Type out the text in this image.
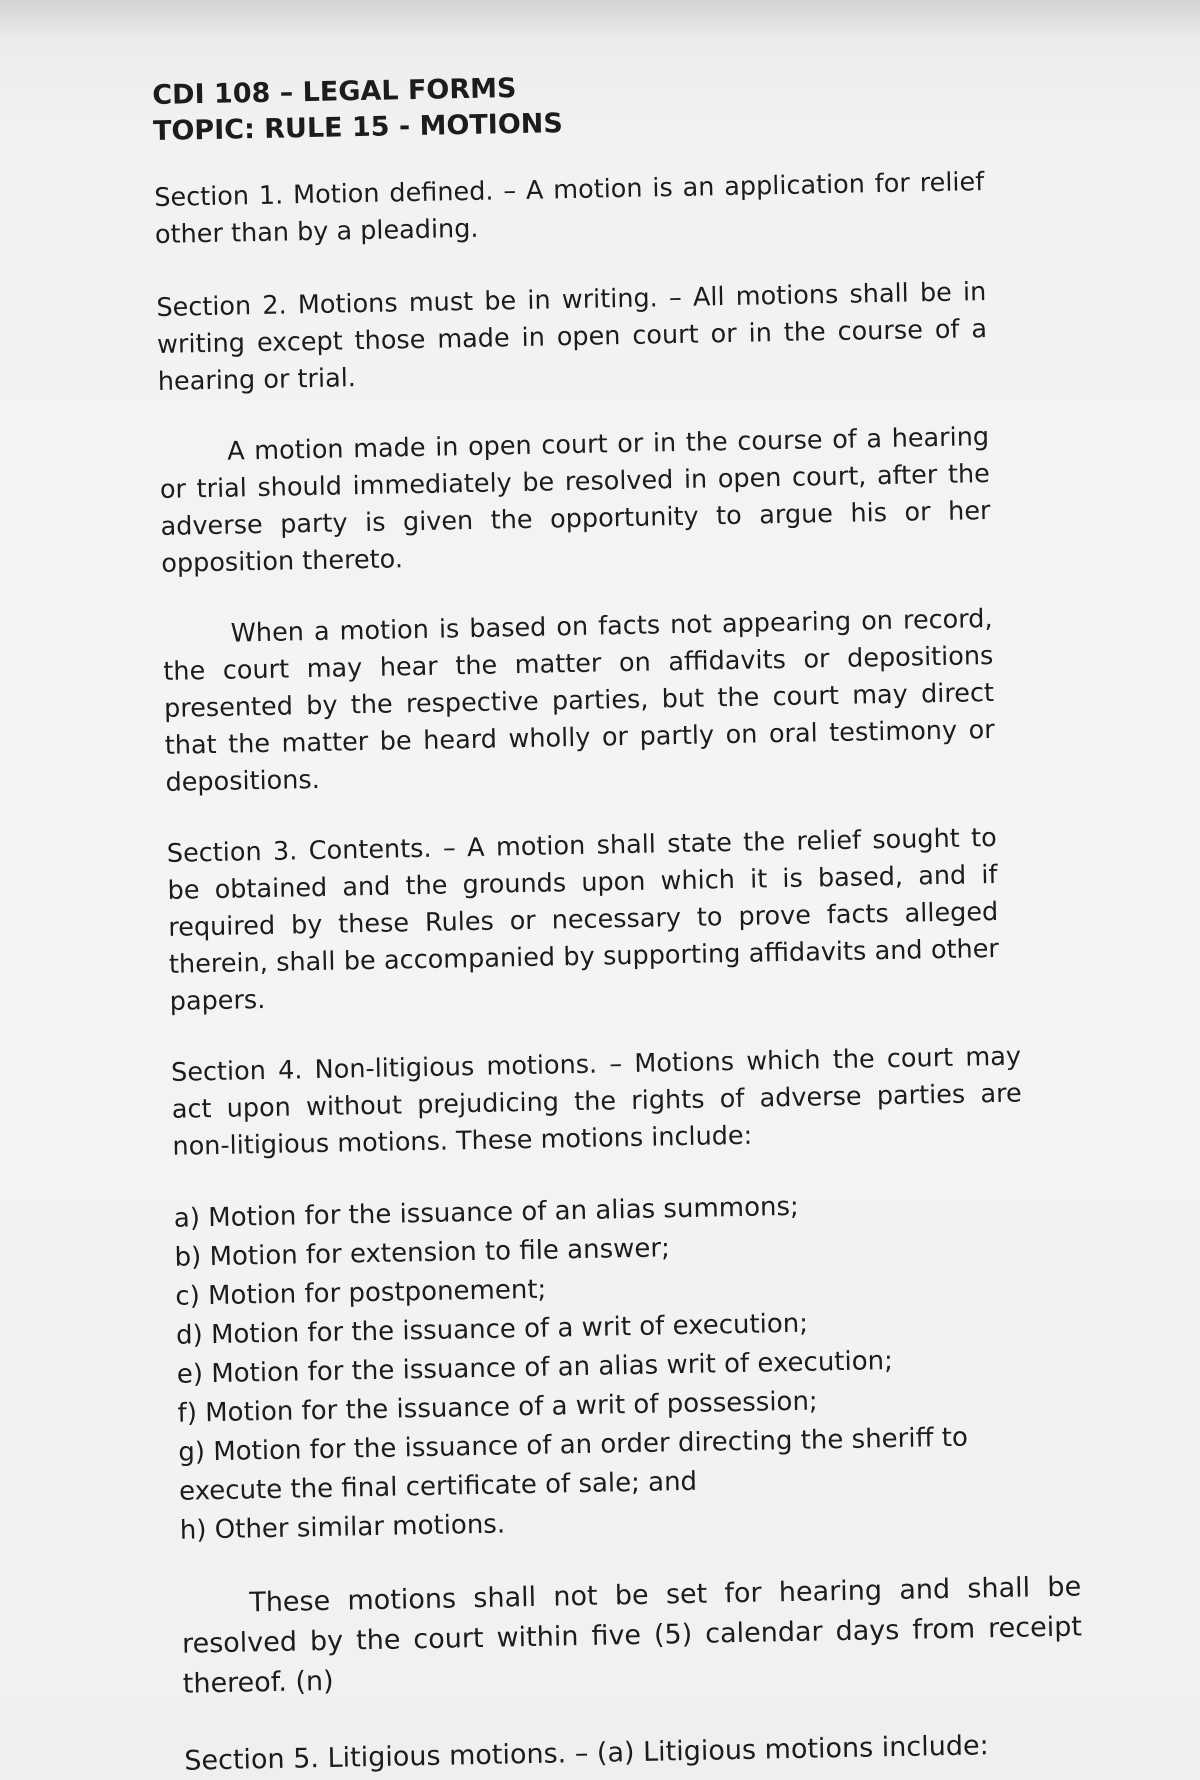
CDI 108 – LEGAL FORMS

TOPIC: RULE 15 - MOTIONS

Section 1. Motion defined. – A motion is an application for relief other than by a pleading.

Section 2. Motions must be in writing. – All motions shall be in writing except those made in open court or in the course of a hearing or trial.

A motion made in open court or in the course of a hearing or trial should immediately be resolved in open court, after the adverse party is given the opportunity to argue his or her opposition thereto.

When a motion is based on facts not appearing on record, the court may hear the matter on affidavits or depositions presented by the respective parties, but the court may direct that the matter be heard wholly or partly on oral testimony or depositions.

Section 3. Contents. – A motion shall state the relief sought to be obtained and the grounds upon which it is based, and if required by these Rules or necessary to prove facts alleged therein, shall be accompanied by supporting affidavits and other papers.

Section 4. Non-litigious motions. – Motions which the court may act upon without prejudicing the rights of adverse parties are non-litigious motions. These motions include:

a) Motion for the issuance of an alias summons;
b) Motion for extension to file answer;
c) Motion for postponement;
d) Motion for the issuance of a writ of execution;
e) Motion for the issuance of an alias writ of execution;
f) Motion for the issuance of a writ of possession;
g) Motion for the issuance of an order directing the sheriff to execute the final certificate of sale; and
h) Other similar motions.

These motions shall not be set for hearing and shall be resolved by the court within five (5) calendar days from receipt thereof. (n)

Section 5. Litigious motions. – (a) Litigious motions include:
